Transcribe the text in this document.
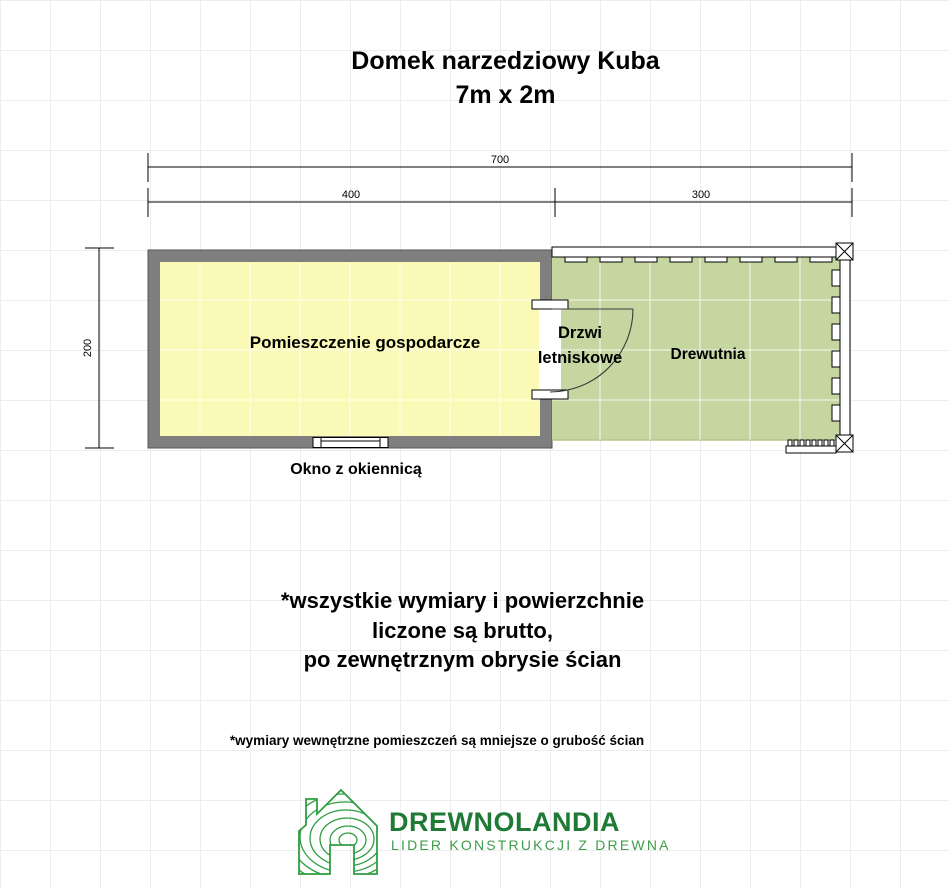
Domek narzedziowy Kuba
7m x 2m
700
400	300
200	Pomieszczenie gospodarcze	Drzwi
letniskowe	Drewutnia
Okno z okiennicą
*wszystkie wymiary i powierzchnie
liczone są brutto,
po zewnętrznym obrysie ścian
*wymiary wewnętrzne pomieszczeń są mniejsze o grubość ścian
DREWNOLANDIA
LIDER KONSTRUKCJI Z DREWNA
